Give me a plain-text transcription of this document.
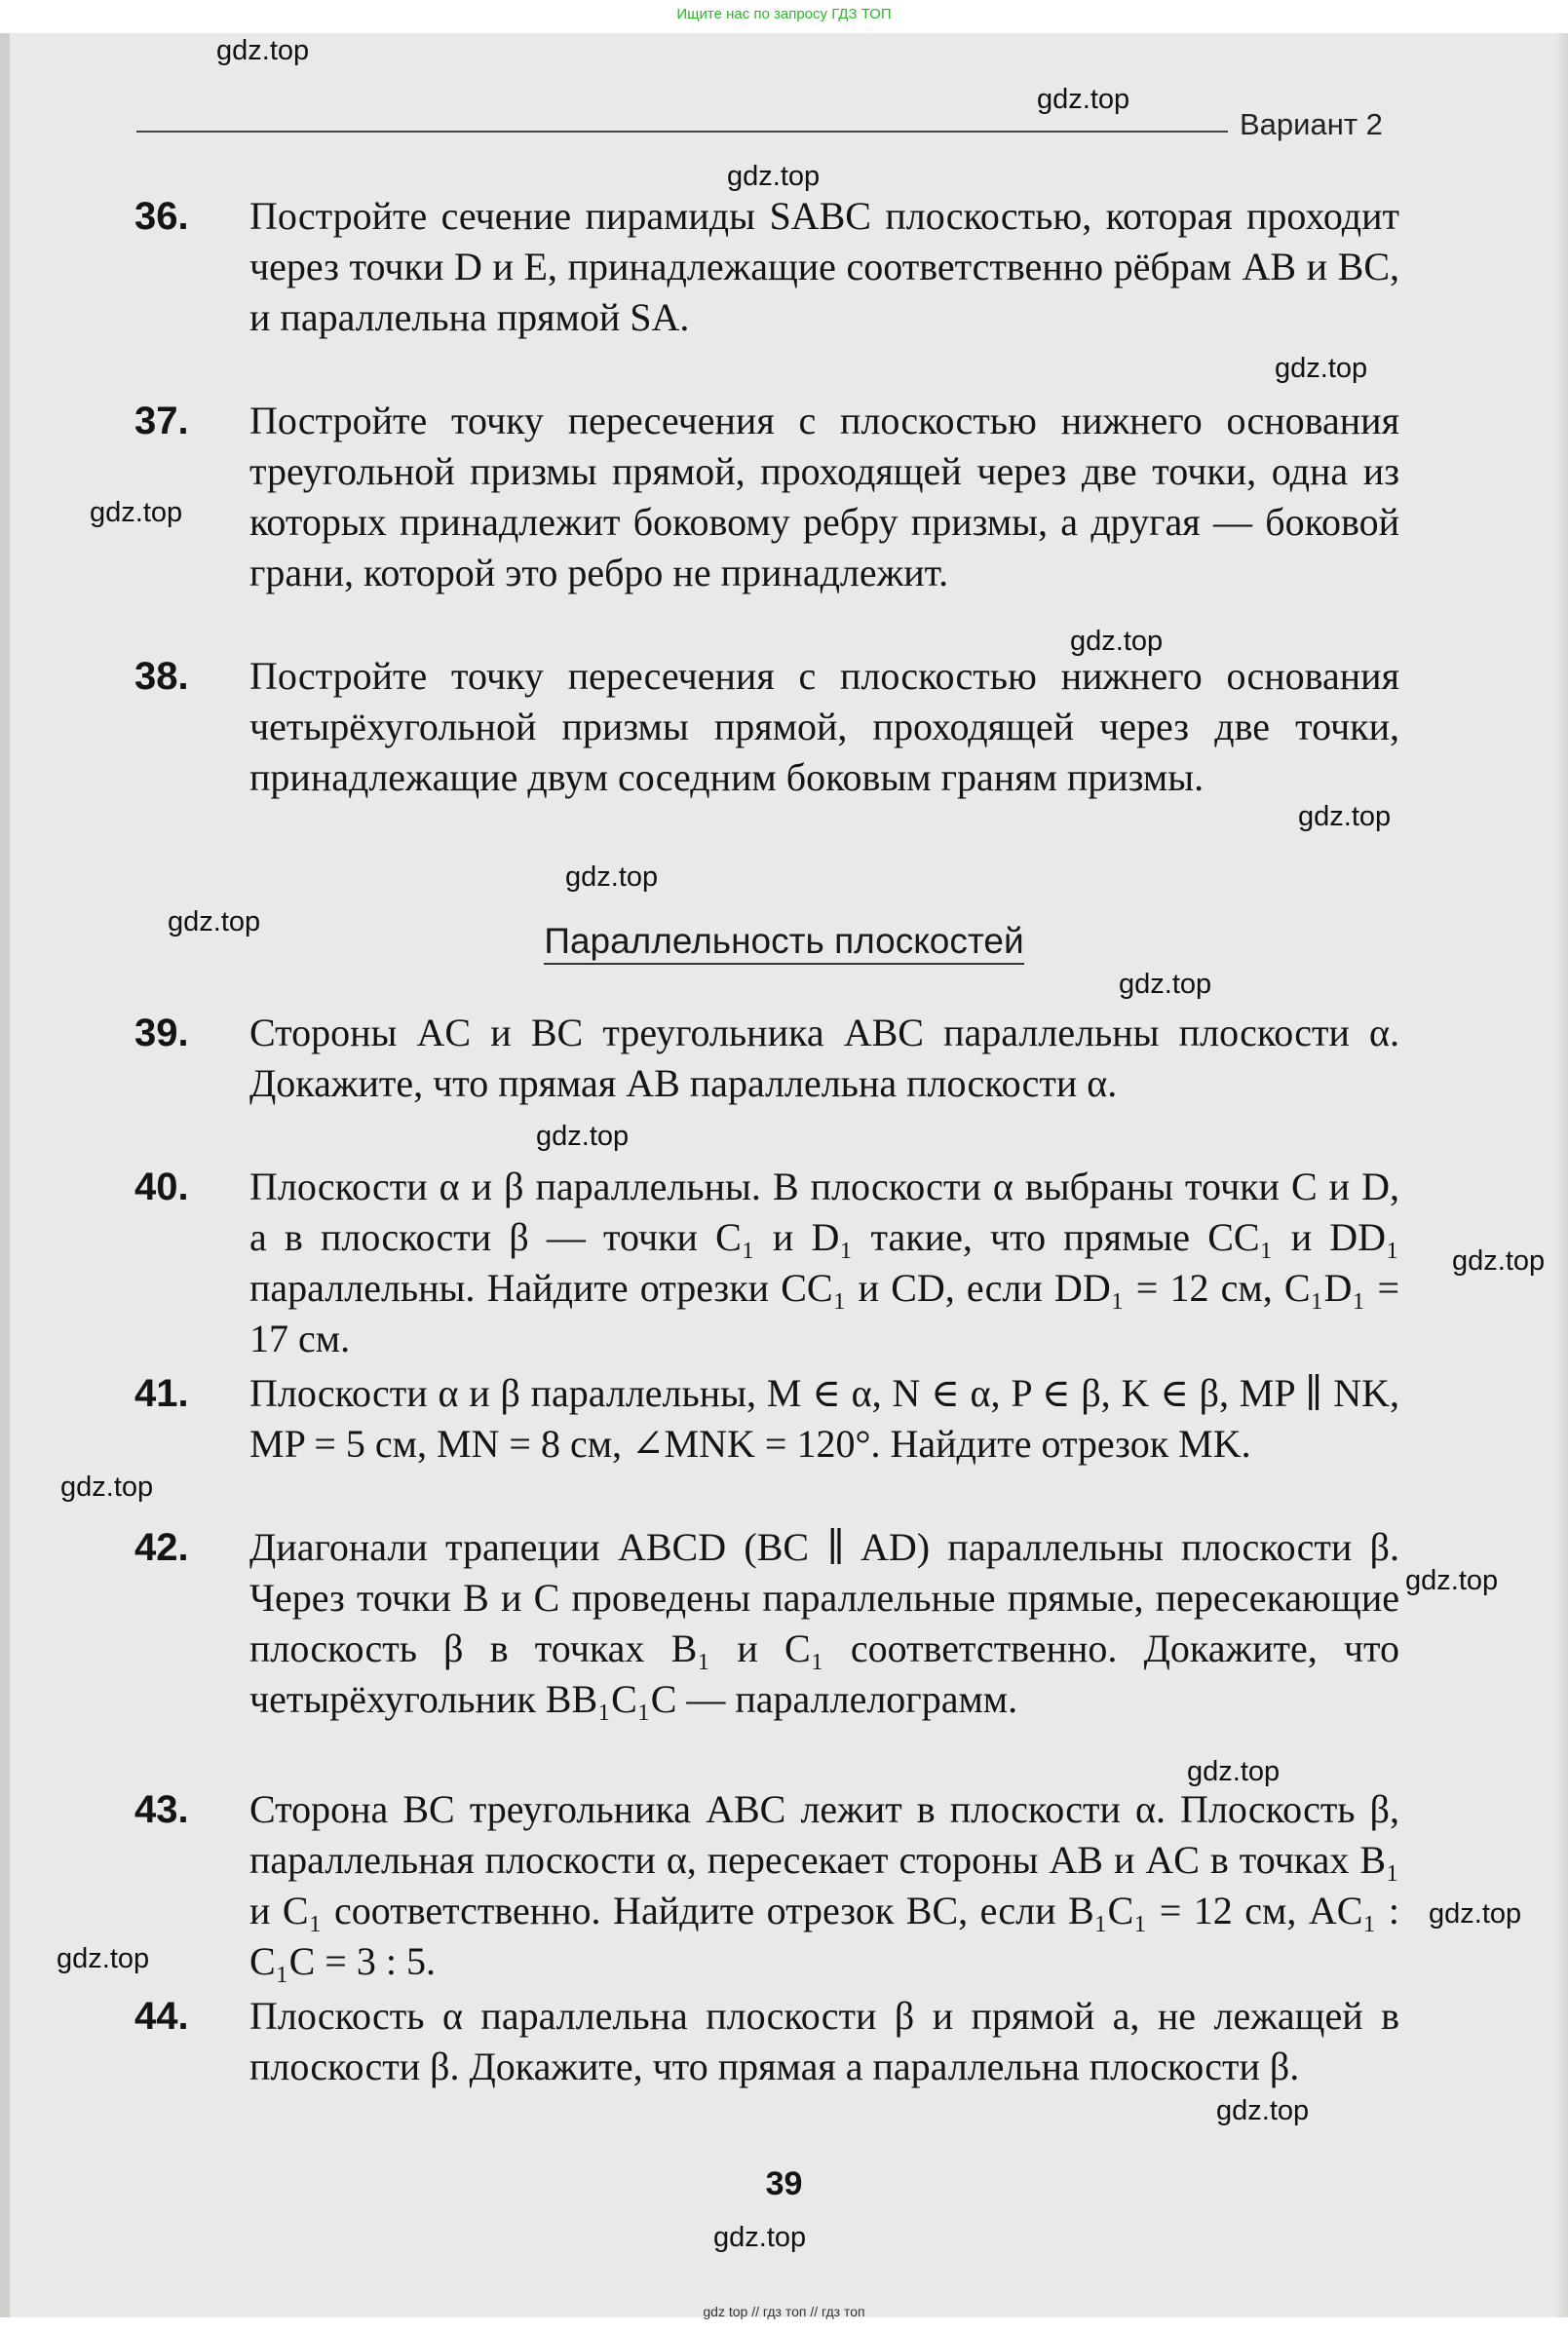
Ищите нас по запросу ГДЗ ТОП
Вариант 2
36. Постройте сечение пирамиды SABC плоскостью, которая проходит через точки D и E, принадлежащие соответственно рёбрам AB и BC, и параллельна прямой SA.
37. Постройте точку пересечения с плоскостью нижнего основания треугольной призмы прямой, проходящей через две точки, одна из которых принадлежит боковому ребру призмы, а другая — боковой грани, которой это ребро не принадлежит.
38. Постройте точку пересечения с плоскостью нижнего основания четырёхугольной призмы прямой, проходящей через две точки, принадлежащие двум соседним боковым граням призмы.
Параллельность плоскостей
39. Стороны AC и BC треугольника ABC параллельны плоскости α. Докажите, что прямая AB параллельна плоскости α.
40. Плоскости α и β параллельны. В плоскости α выбраны точки C и D, а в плоскости β — точки C₁ и D₁ такие, что прямые CC₁ и DD₁ параллельны. Найдите отрезки CC₁ и CD, если DD₁ = 12 см, C₁D₁ = 17 см.
41. Плоскости α и β параллельны, M ∈ α, N ∈ α, P ∈ β, K ∈ β, MP ∥ NK, MP = 5 см, MN = 8 см, ∠MNK = 120°. Найдите отрезок MK.
42. Диагонали трапеции ABCD (BC ∥ AD) параллельны плоскости β. Через точки B и C проведены параллельные прямые, пересекающие плоскость β в точках B₁ и C₁ соответственно. Докажите, что четырёхугольник BB₁C₁C — параллелограмм.
43. Сторона BC треугольника ABC лежит в плоскости α. Плоскость β, параллельная плоскости α, пересекает стороны AB и AC в точках B₁ и C₁ соответственно. Найдите отрезок BC, если B₁C₁ = 12 см, AC₁ : C₁C = 3 : 5.
44. Плоскость α параллельна плоскости β и прямой a, не лежащей в плоскости β. Докажите, что прямая a параллельна плоскости β.
39
gdz.top
gdz.top
gdz.top
gdz.top
gdz.top
gdz.top
gdz.top
gdz.top
gdz.top
gdz.top
gdz.top
gdz.top
gdz.top
gdz.top
gdz.top
gdz.top
gdz.top
gdz.top
gdz.top
gdz top // гдз топ // гдз топ
